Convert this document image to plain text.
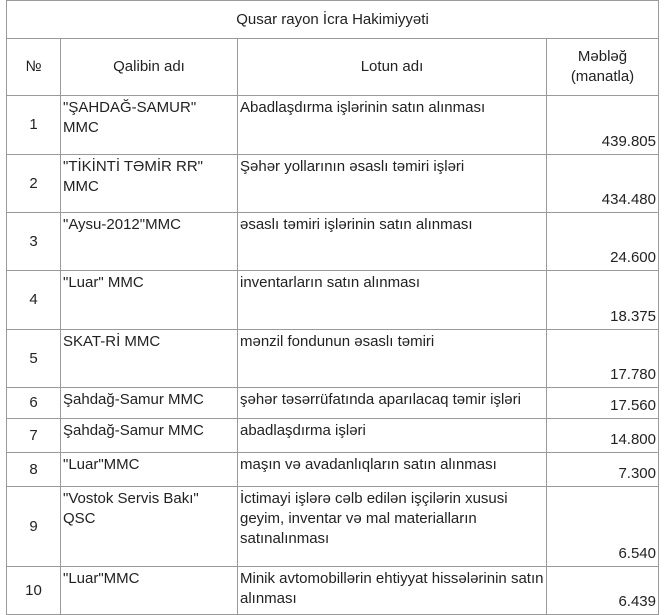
Qusar rayon İcra Hakimiyyəti			
№	Qalibin adı	Lotun adı	Məbləğ
(manatla)
1	"ŞAHDAĞ-SAMUR" MMC	Abadlaşdırma işlərinin satın alınması	439.805
2	"TİKİNTİ TƏMİR RR" MMC	Şəhər yollarının əsaslı təmiri işləri	434.480
3	"Aysu-2012"MMC	əsaslı təmiri işlərinin satın alınması	24.600
4	"Luar" MMC	inventarların satın alınması	18.375
5	SKAT-Rİ MMC	mənzil fondunun əsaslı təmiri	17.780
6	Şahdağ-Samur MMC	şəhər təsərrüfatında aparılacaq təmir işləri	17.560
7	Şahdağ-Samur MMC	abadlaşdırma işləri	14.800
8	"Luar"MMC	maşın və avadanlıqların satın alınması	7.300
9	"Vostok Servis Bakı" QSC	İctimayi işlərə cəlb edilən işçilərin xususi geyim, inventar və mal materialların satınalınması	6.540
10	"Luar"MMC	Minik avtomobillərin ehtiyyat hissələrinin satın alınması	6.439
